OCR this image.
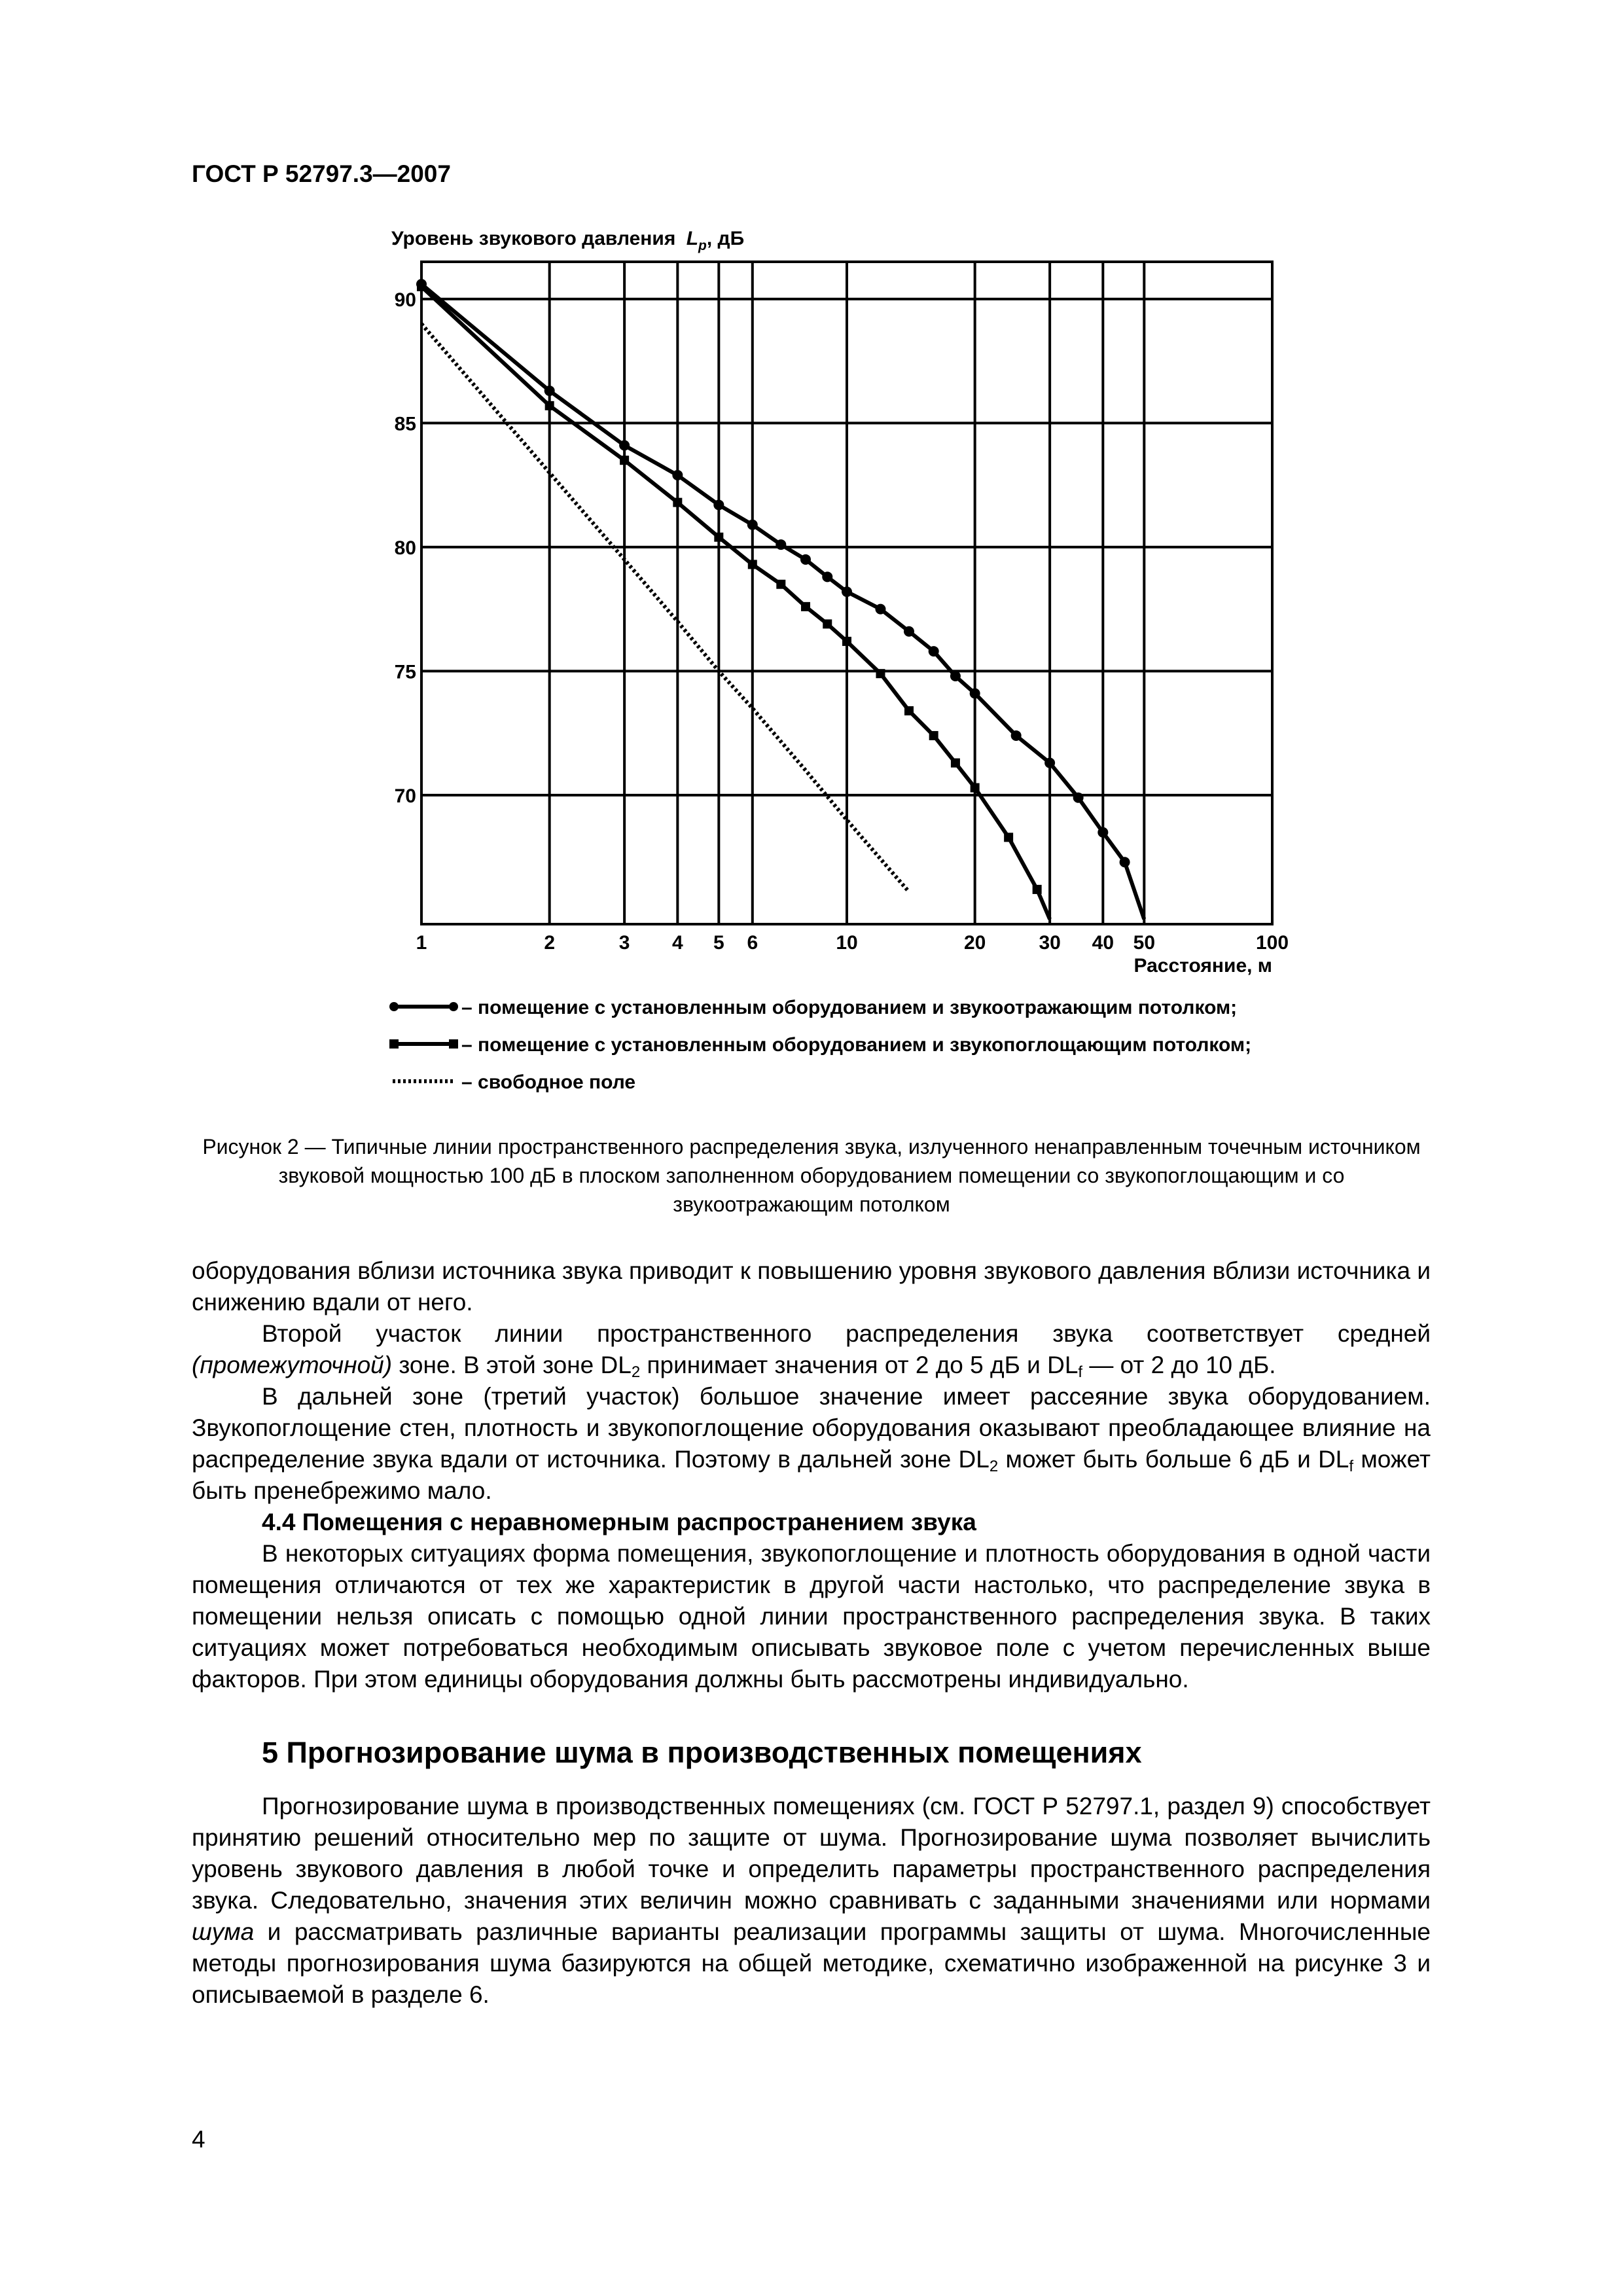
ГОСТ Р 52797.3—2007
Уровень звукового давления $L_p$, дБ
70
75
80
85
90
1	2	3 4 5 6	10	20	30 40 50	100
Расстояние, м
– помещение с установленным оборудованием и звукоотражающим потолком;
– помещение с установленным оборудованием и звукопоглощающим потолком;
– свободное поле
Рисунок 2 — Типичные линии пространственного распределения звука, излученного ненаправленным точечным источником звуковой мощностью 100 дБ в плоском заполненном оборудованием помещении со звукопоглощающим и со звукоотражающим потолком

оборудования вблизи источника звука приводит к повышению уровня звукового давления вблизи источника и снижению вдали от него.

Второй участок линии пространственного распределения звука соответствует средней (промежуточной) зоне. В этой зоне $DL_2$ принимает значения от 2 до 5 дБ и $DL_f$ — от 2 до 10 дБ.

В дальней зоне (третий участок) большое значение имеет рассеяние звука оборудованием. Звукопоглощение стен, плотность и звукопоглощение оборудования оказывают преобладающее влияние на распределение звука вдали от источника. Поэтому в дальней зоне $DL_2$ может быть больше 6 дБ и $DL_f$ может быть пренебрежимо мало.

4.4 Помещения с неравномерным распространением звука

В некоторых ситуациях форма помещения, звукопоглощение и плотность оборудования в одной части помещения отличаются от тех же характеристик в другой части настолько, что распределение звука в помещении нельзя описать с помощью одной линии пространственного распределения звука. В таких ситуациях может потребоваться необходимым описывать звуковое поле с учетом перечисленных выше факторов. При этом единицы оборудования должны быть рассмотрены индивидуально.

5 Прогнозирование шума в производственных помещениях

Прогнозирование шума в производственных помещениях (см. ГОСТ Р 52797.1, раздел 9) способствует принятию решений относительно мер по защите от шума. Прогнозирование шума позволяет вычислить уровень звукового давления в любой точке и определить параметры пространственного распределения звука. Следовательно, значения этих величин можно сравнивать с заданными значениями или нормами шума и рассматривать различные варианты реализации программы защиты от шума. Многочисленные методы прогнозирования шума базируются на общей методике, схематично изображенной на рисунке 3 и описываемой в разделе 6.

4
